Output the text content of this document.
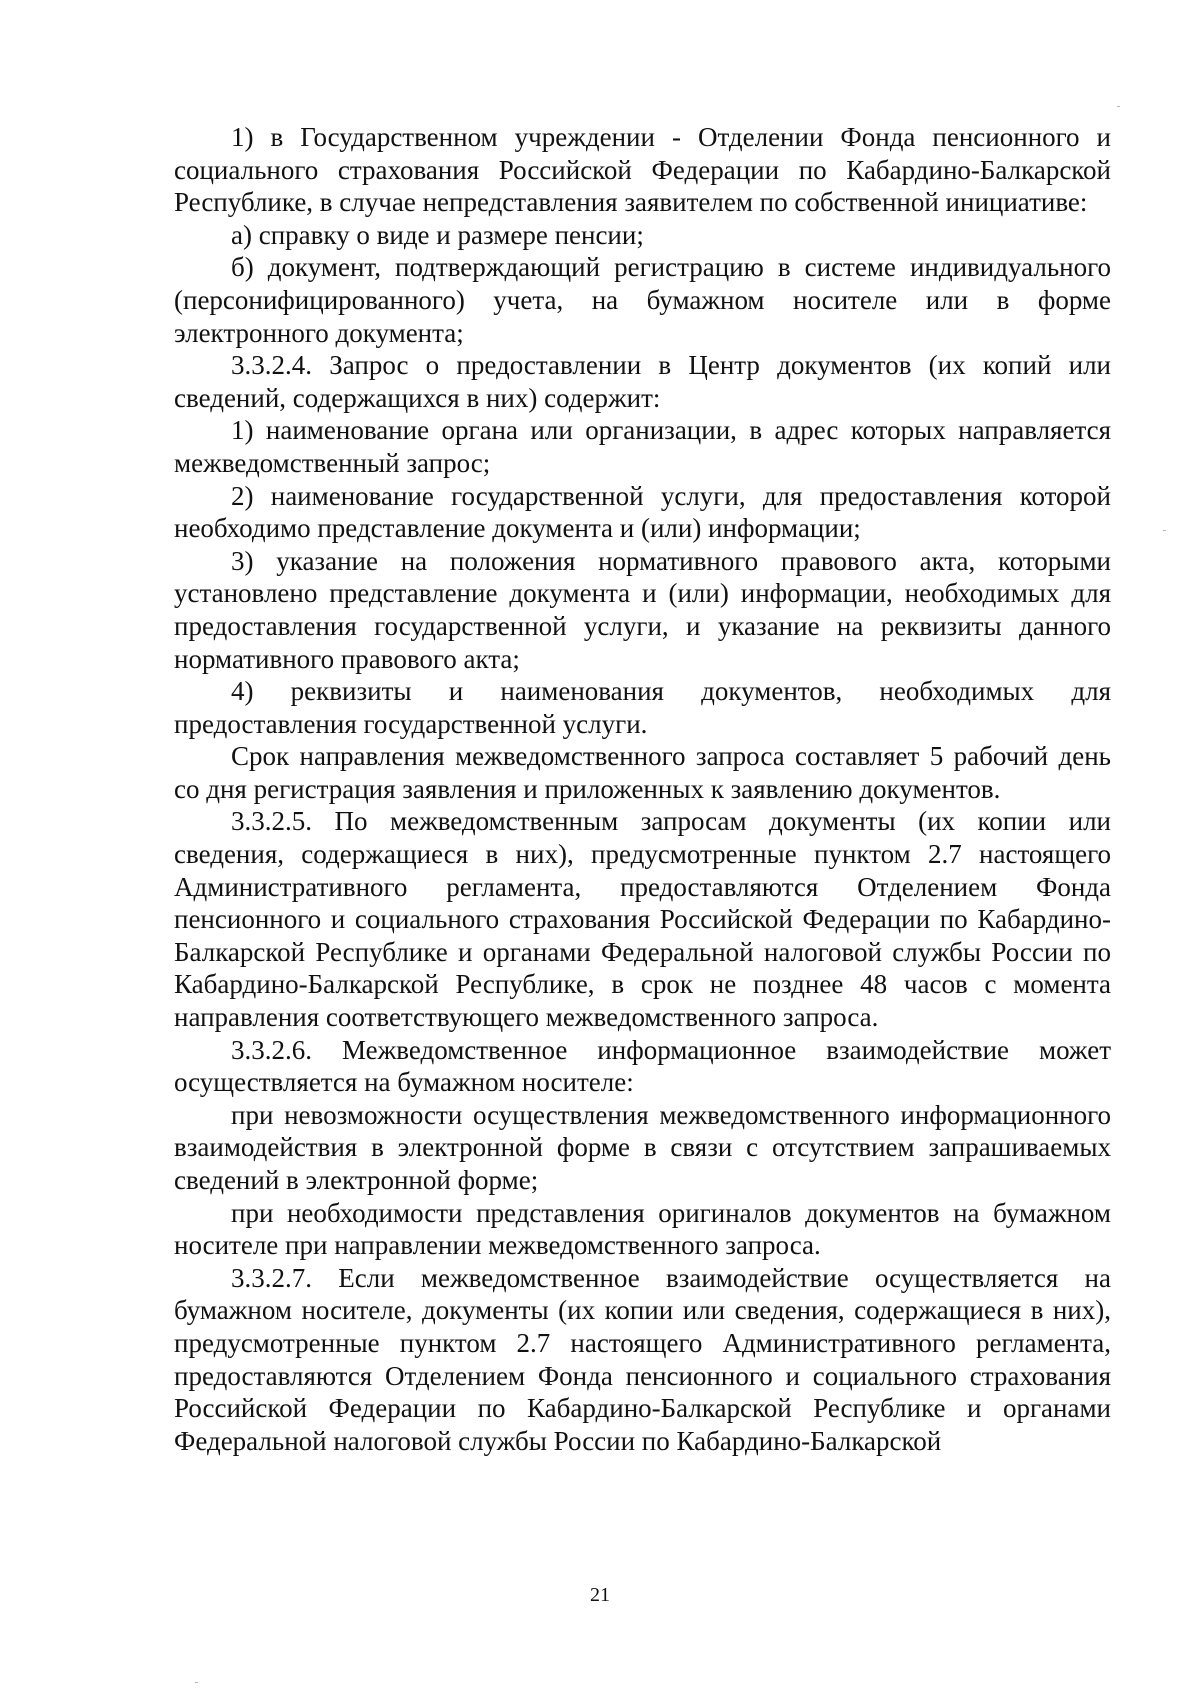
1) в Государственном учреждении - Отделении Фонда пенсионного и социального страхования Российской Федерации по Кабардино-Балкарской Республике, в случае непредставления заявителем по собственной инициативе:

а) справку о виде и размере пенсии;

б) документ, подтверждающий регистрацию в системе индивидуального (персонифицированного) учета, на бумажном носителе или в форме электронного документа;

3.3.2.4. Запрос о предоставлении в Центр документов (их копий или сведений, содержащихся в них) содержит:

1) наименование органа или организации, в адрес которых направляется межведомственный запрос;

2) наименование государственной услуги, для предоставления которой необходимо представление документа и (или) информации;

3) указание на положения нормативного правового акта, которыми установлено представление документа и (или) информации, необходимых для предоставления государственной услуги, и указание на реквизиты данного нормативного правового акта;

4) реквизиты и наименования документов, необходимых для предоставления государственной услуги.

Срок направления межведомственного запроса составляет 5 рабочий день со дня регистрация заявления и приложенных к заявлению документов.

3.3.2.5. По межведомственным запросам документы (их копии или сведения, содержащиеся в них), предусмотренные пунктом 2.7 настоящего Административного регламента, предоставляются Отделением Фонда пенсионного и социального страхования Российской Федерации по Кабардино-Балкарской Республике и органами Федеральной налоговой службы России по Кабардино-Балкарской Республике, в срок не позднее 48 часов с момента направления соответствующего межведомственного запроса.

3.3.2.6. Межведомственное информационное взаимодействие может осуществляется на бумажном носителе:

при невозможности осуществления межведомственного информационного взаимодействия в электронной форме в связи с отсутствием запрашиваемых сведений в электронной форме;

при необходимости представления оригиналов документов на бумажном носителе при направлении межведомственного запроса.

3.3.2.7. Если межведомственное взаимодействие осуществляется на бумажном носителе, документы (их копии или сведения, содержащиеся в них), предусмотренные пунктом 2.7 настоящего Административного регламента, предоставляются Отделением Фонда пенсионного и социального страхования Российской Федерации по Кабардино-Балкарской Республике и органами Федеральной налоговой службы России по Кабардино-Балкарской

21
